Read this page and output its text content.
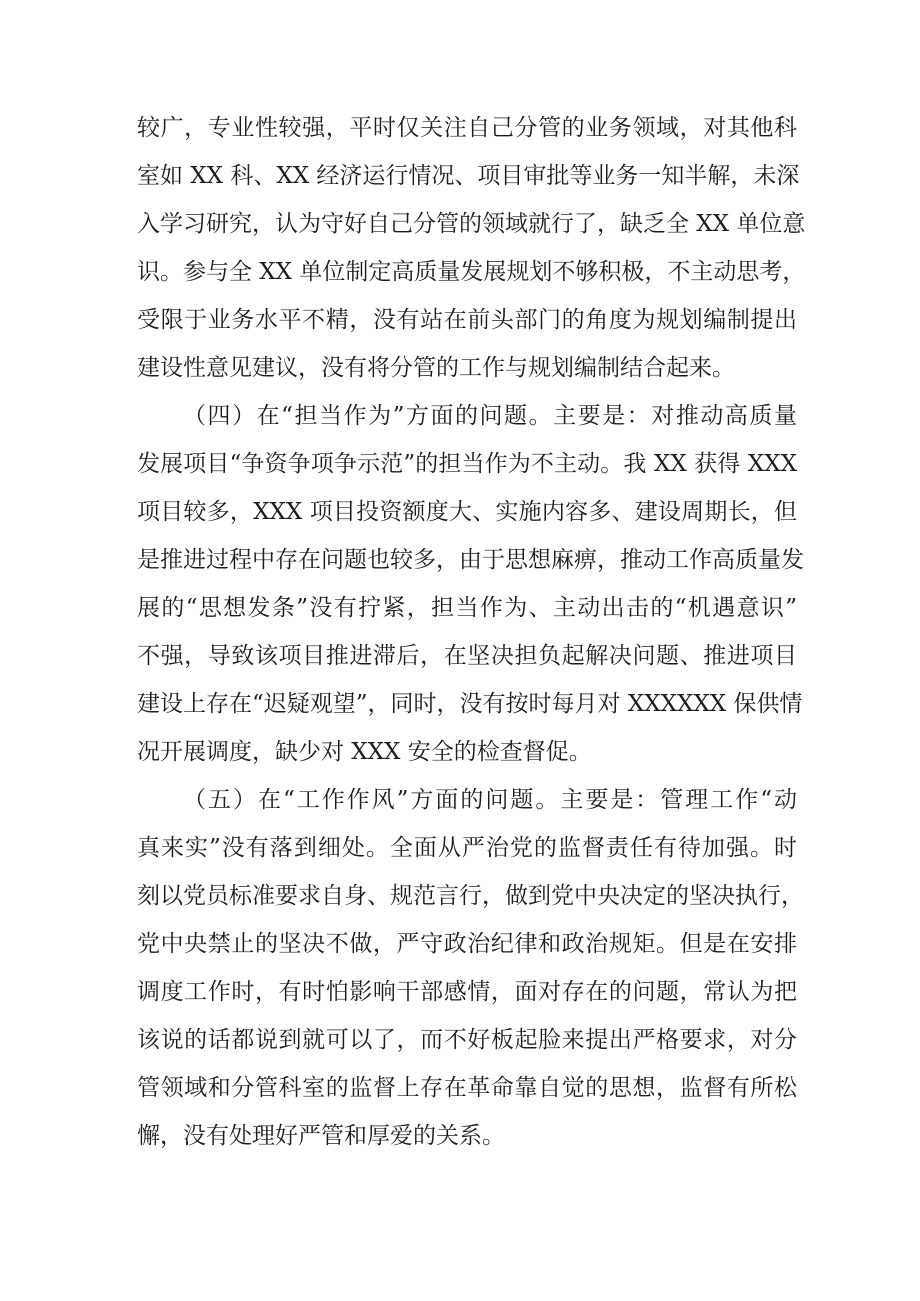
较广，专业性较强，平时仅关注自己分管的业务领域，对其他科
室如 XX 科、XX 经济运行情况、项目审批等业务一知半解，未深
入学习研究，认为守好自己分管的领域就行了，缺乏全 XX 单位意
识。参与全 XX 单位制定高质量发展规划不够积极，不主动思考，
受限于业务水平不精，没有站在前头部门的角度为规划编制提出
建设性意见建议，没有将分管的工作与规划编制结合起来。
（四）在“担当作为”方面的问题。主要是：对推动高质量
发展项目“争资争项争示范”的担当作为不主动。我 XX 获得 XXX
项目较多，XXX 项目投资额度大、实施内容多、建设周期长，但
是推进过程中存在问题也较多，由于思想麻痹，推动工作高质量发
展的“思想发条”没有拧紧，担当作为、主动出击的“机遇意识”
不强，导致该项目推进滞后，在坚决担负起解决问题、推进项目
建设上存在“迟疑观望”，同时，没有按时每月对 XXXXXX 保供情
况开展调度，缺少对 XXX 安全的检查督促。
（五）在“工作作风”方面的问题。主要是：管理工作“动
真来实”没有落到细处。全面从严治党的监督责任有待加强。时
刻以党员标准要求自身、规范言行，做到党中央决定的坚决执行，
党中央禁止的坚决不做，严守政治纪律和政治规矩。但是在安排
调度工作时，有时怕影响干部感情，面对存在的问题，常认为把
该说的话都说到就可以了，而不好板起脸来提出严格要求，对分
管领域和分管科室的监督上存在革命靠自觉的思想，监督有所松
懈，没有处理好严管和厚爱的关系。
